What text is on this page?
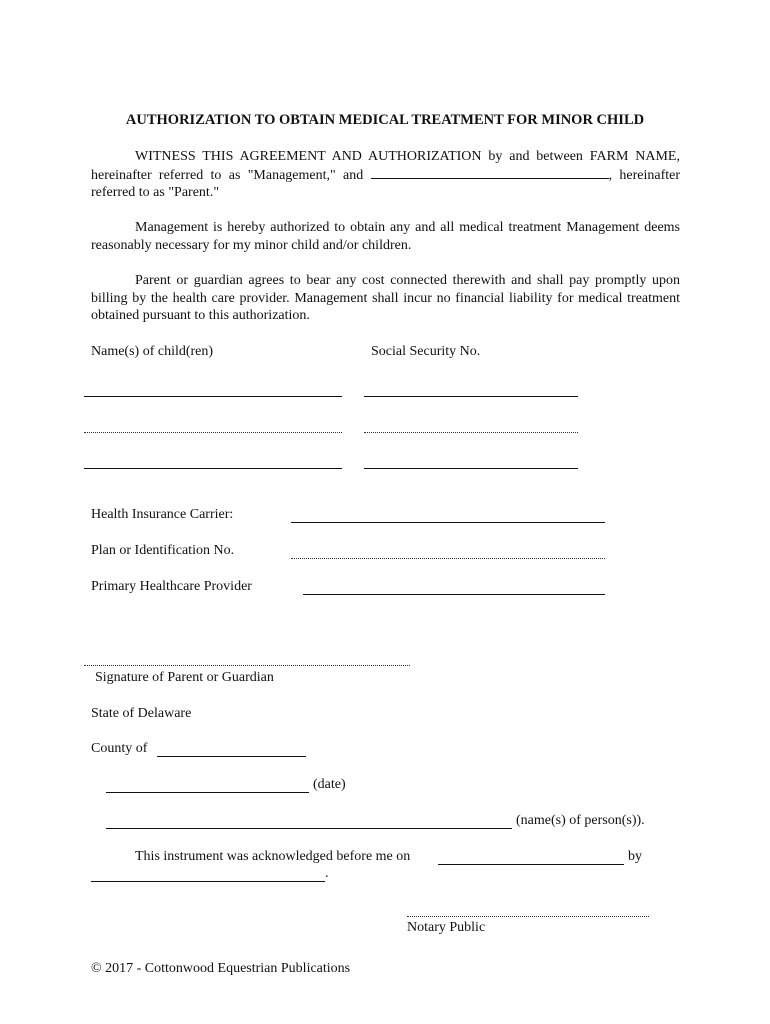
AUTHORIZATION TO OBTAIN MEDICAL TREATMENT FOR MINOR CHILD
WITNESS THIS AGREEMENT AND AUTHORIZATION by and between FARM NAME, hereinafter referred to as "Management," and	, hereinafter referred to as "Parent."
Management is hereby authorized to obtain any and all medical treatment Management deems reasonably necessary for my minor child and/or children.
Parent or guardian agrees to bear any cost connected therewith and shall pay promptly upon billing by the health care provider. Management shall incur no financial liability for medical treatment obtained pursuant to this authorization.
Name(s) of child(ren)	Social Security No.
Health Insurance Carrier:
Plan or Identification No.
Primary Healthcare Provider
Signature of Parent or Guardian
State of Delaware
County of
(date)
(name(s) of person(s)).
This instrument was acknowledged before me on	by
.
Notary Public
© 2017 - Cottonwood Equestrian Publications
